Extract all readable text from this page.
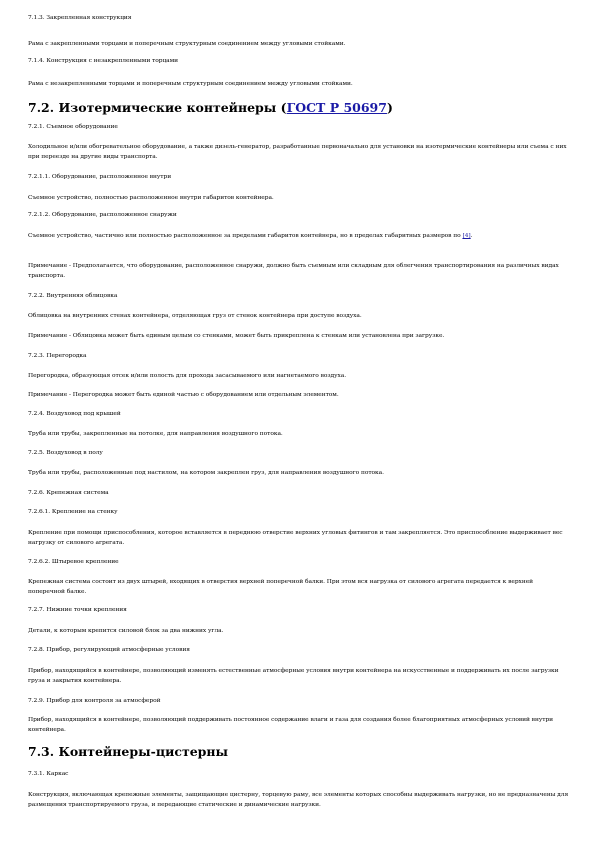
7.1.3. Закрепленная конструкция

Рама с закрепленными торцами и поперечным структурным соединением между угловыми стойками.

7.1.4. Конструкция с незакрепленными торцами

Рама с незакрепленными торцами и поперечным структурным соединением между угловыми стойками.

7.2. Изотермические контейнеры (ГОСТ Р 50697)

7.2.1. Съемное оборудование

Холодильное и/или обогревательное оборудование, а также дизель-генератор, разработанные первоначально для установки на изотермические контейнеры или съема с них при переезде на другие виды транспорта.

7.2.1.1. Оборудование, расположенное внутри

Съемное устройство, полностью расположенное внутри габаритов контейнера.

7.2.1.2. Оборудование, расположенное снаружи

Съемное устройство, частично или полностью расположенное за пределами габаритов контейнера, но в пределах габаритных размеров по [4].

Примечание - Предполагается, что оборудование, расположенное снаружи, должно быть съемным или складным для облегчения транспортирования на различных видах транспорта.

7.2.2. Внутренняя облицовка

Облицовка на внутренних стенах контейнера, отделяющая груз от стенок контейнера при доступе воздуха.

Примечание - Облицовка может быть единым целым со стенками, может быть прикреплена к стенкам или установлена при загрузке.

7.2.3. Перегородка

Перегородка, образующая отсек и/или полость для прохода засасываемого или нагнетаемого воздуха.

Примечание - Перегородка может быть единой частью с оборудованием или отдельным элементом.

7.2.4. Воздуховод под крышей

Труба или трубы, закрепленные на потолке, для направления воздушного потока.

7.2.5. Воздуховод в полу

Труба или трубы, расположенные под настилом, на котором закреплен груз, для направления воздушного потока.

7.2.6. Крепежная система

7.2.6.1. Крепление на стенку

Крепление при помощи приспособления, которое вставляется в переднюю отверстие верхних угловых фитингов и там закрепляется. Это приспособление выдерживает вес нагрузку от силового агрегата.

7.2.6.2. Штыревое крепление

Крепежная система состоит из двух штырей, входящих в отверстия верхней поперечной балки. При этом вся нагрузка от силового агрегата передается к верхней поперечной балке.

7.2.7. Нижние точки крепления

Детали, к которым крепится силовой блок за два нижних угла.

7.2.8. Прибор, регулирующий атмосферные условия

Прибор, находящийся в контейнере, позволяющий изменять естественные атмосферные условия внутри контейнера на искусственные и поддерживать их после загрузки груза и закрытия контейнера.

7.2.9. Прибор для контроля за атмосферой

Прибор, находящийся в контейнере, позволяющий поддерживать постоянное содержание влаги и газа для создания более благоприятных атмосферных условий внутри контейнера.

7.3. Контейнеры-цистерны

7.3.1. Каркас

Конструкция, включающая крепежные элементы, защищающие цистерну, торцевую раму, все элементы которых способны выдерживать нагрузки, но не предназначены для размещения транспортируемого груза, и передающие статические и динамические нагрузки.
